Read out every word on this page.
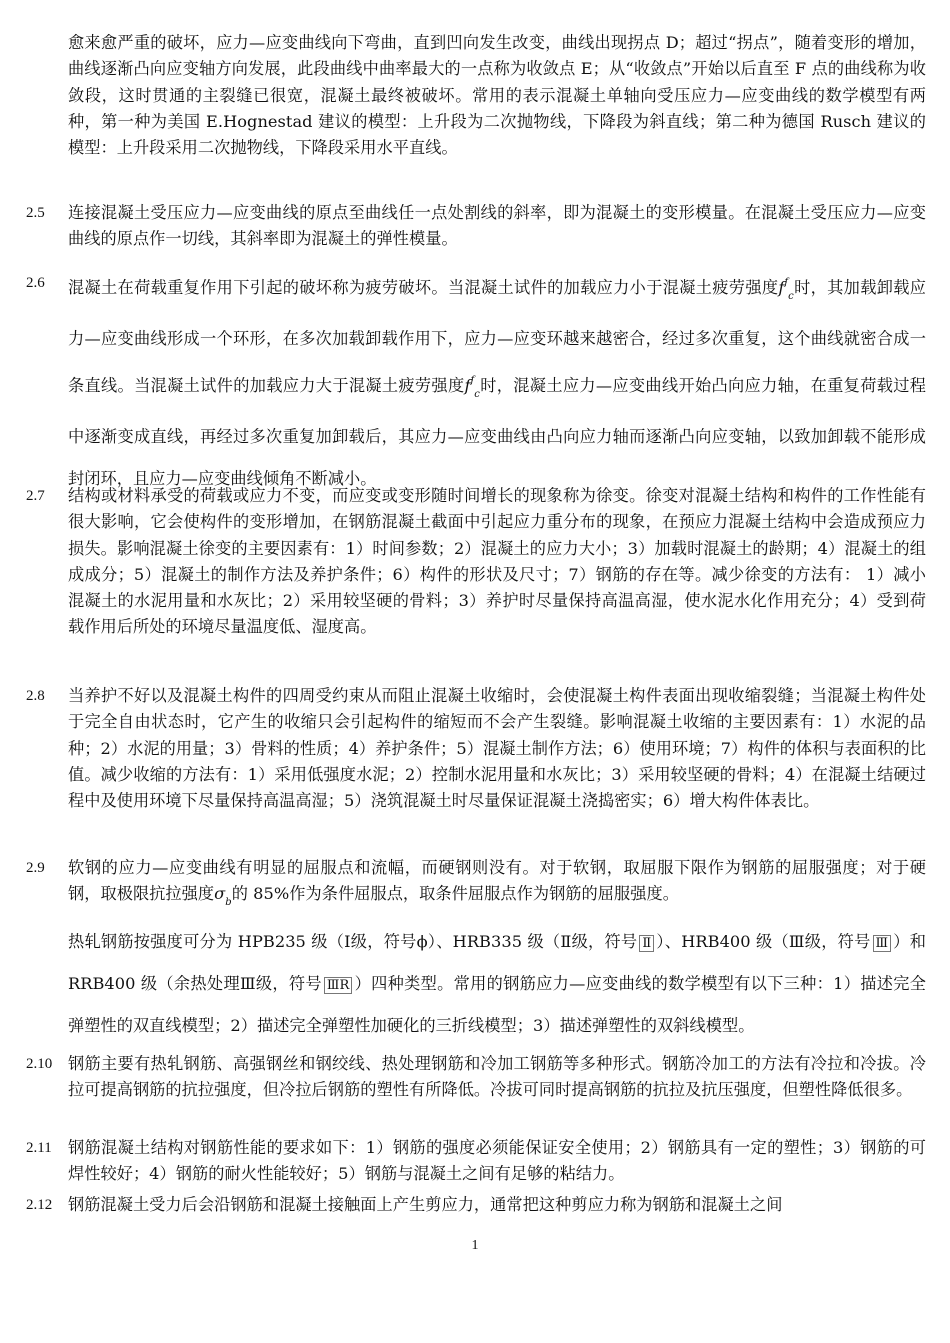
愈来愈严重的破坏，应力—应变曲线向下弯曲，直到凹向发生改变，曲线出现拐点 D；超过“拐点”，随着变形的增加，曲线逐渐凸向应变轴方向发展，此段曲线中曲率最大的一点称为收敛点 E；从“收敛点”开始以后直至 F 点的曲线称为收敛段，这时贯通的主裂缝已很宽，混凝土最终被破坏。常用的表示混凝土单轴向受压应力—应变曲线的数学模型有两种，第一种为美国 E.Hognestad 建议的模型：上升段为二次抛物线，下降段为斜直线；第二种为德国 Rusch 建议的模型：上升段采用二次抛物线，下降段采用水平直线。
2.5	连接混凝土受压应力—应变曲线的原点至曲线任一点处割线的斜率，即为混凝土的变形模量。在混凝土受压应力—应变曲线的原点作一切线，其斜率即为混凝土的弹性模量。
2.6	混凝土在荷载重复作用下引起的破坏称为疲劳破坏。当混凝土试件的加载应力小于混凝土疲劳强度$f^f_c$时，其加载卸载应力—应变曲线形成一个环形，在多次加载卸载作用下，应力—应变环越来越密合，经过多次重复，这个曲线就密合成一条直线。当混凝土试件的加载应力大于混凝土疲劳强度$f^f_c$时，混凝土应力—应变曲线开始凸向应力轴，在重复荷载过程中逐渐变成直线，再经过多次重复加卸载后，其应力—应变曲线由凸向应力轴而逐渐凸向应变轴，以致加卸载不能形成封闭环，且应力—应变曲线倾角不断减小。
2.7	结构或材料承受的荷载或应力不变，而应变或变形随时间增长的现象称为徐变。徐变对混凝土结构和构件的工作性能有很大影响，它会使构件的变形增加，在钢筋混凝土截面中引起应力重分布的现象，在预应力混凝土结构中会造成预应力损失。影响混凝土徐变的主要因素有：1）时间参数；2）混凝土的应力大小；3）加载时混凝土的龄期；4）混凝土的组成成分；5）混凝土的制作方法及养护条件；6）构件的形状及尺寸；7）钢筋的存在等。减少徐变的方法有： 1）减小混凝土的水泥用量和水灰比；2）采用较坚硬的骨料；3）养护时尽量保持高温高湿，使水泥水化作用充分；4）受到荷载作用后所处的环境尽量温度低、湿度高。
2.8	当养护不好以及混凝土构件的四周受约束从而阻止混凝土收缩时，会使混凝土构件表面出现收缩裂缝；当混凝土构件处于完全自由状态时，它产生的收缩只会引起构件的缩短而不会产生裂缝。影响混凝土收缩的主要因素有：1）水泥的品种；2）水泥的用量；3）骨料的性质；4）养护条件；5）混凝土制作方法；6）使用环境；7）构件的体积与表面积的比值。减少收缩的方法有：1）采用低强度水泥；2）控制水泥用量和水灰比；3）采用较坚硬的骨料；4）在混凝土结硬过程中及使用环境下尽量保持高温高湿；5）浇筑混凝土时尽量保证混凝土浇捣密实；6）增大构件体表比。
2.9	软钢的应力—应变曲线有明显的屈服点和流幅，而硬钢则没有。对于软钢，取屈服下限作为钢筋的屈服强度；对于硬钢，取极限抗拉强度$\sigma_b$的 85%作为条件屈服点，取条件屈服点作为钢筋的屈服强度。
热轧钢筋按强度可分为 HPB235 级（Ⅰ级，符号ϕ）、HRB335 级（Ⅱ级，符号 Ⅱ ）、HRB400 级（Ⅲ级，符号 Ⅲ ）和 RRB400 级（余热处理Ⅲ级，符号 ⅢR ）四种类型。常用的钢筋应力—应变曲线的数学模型有以下三种：1）描述完全弹塑性的双直线模型；2）描述完全弹塑性加硬化的三折线模型；3）描述弹塑性的双斜线模型。
2.10 钢筋主要有热轧钢筋、高强钢丝和钢绞线、热处理钢筋和冷加工钢筋等多种形式。钢筋冷加工的方法有冷拉和冷拔。冷拉可提高钢筋的抗拉强度，但冷拉后钢筋的塑性有所降低。冷拔可同时提高钢筋的抗拉及抗压强度，但塑性降低很多。
2.11	钢筋混凝土结构对钢筋性能的要求如下：1）钢筋的强度必须能保证安全使用；2）钢筋具有一定的塑性；3）钢筋的可焊性较好；4）钢筋的耐火性能较好；5）钢筋与混凝土之间有足够的粘结力。
2.12 钢筋混凝土受力后会沿钢筋和混凝土接触面上产生剪应力，通常把这种剪应力称为钢筋和混凝土之间
1
